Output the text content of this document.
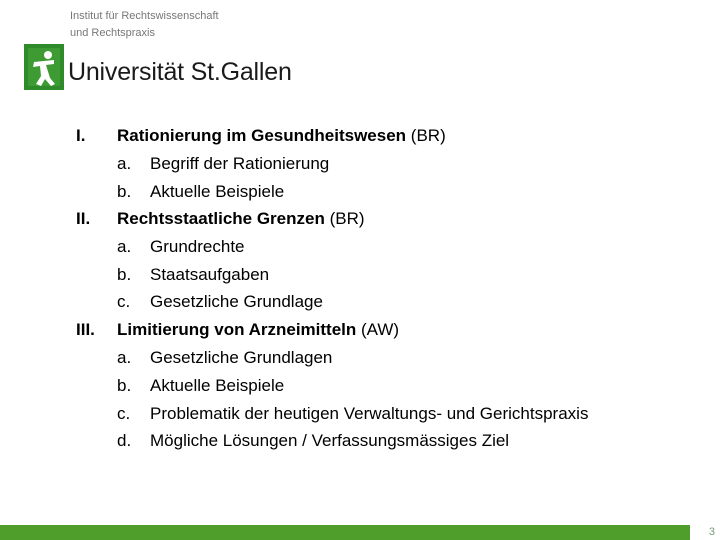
Institut für Rechtswissenschaft
und Rechtspraxis
Universität St.Gallen
I. Rationierung im Gesundheitswesen (BR)
a. Begriff der Rationierung
b. Aktuelle Beispiele
II. Rechtsstaatliche Grenzen (BR)
a. Grundrechte
b. Staatsaufgaben
c. Gesetzliche Grundlage
III. Limitierung von Arzneimitteln (AW)
a. Gesetzliche Grundlagen
b. Aktuelle Beispiele
c. Problematik der heutigen Verwaltungs- und Gerichtspraxis
d. Mögliche Lösungen / Verfassungsmässiges Ziel
3
